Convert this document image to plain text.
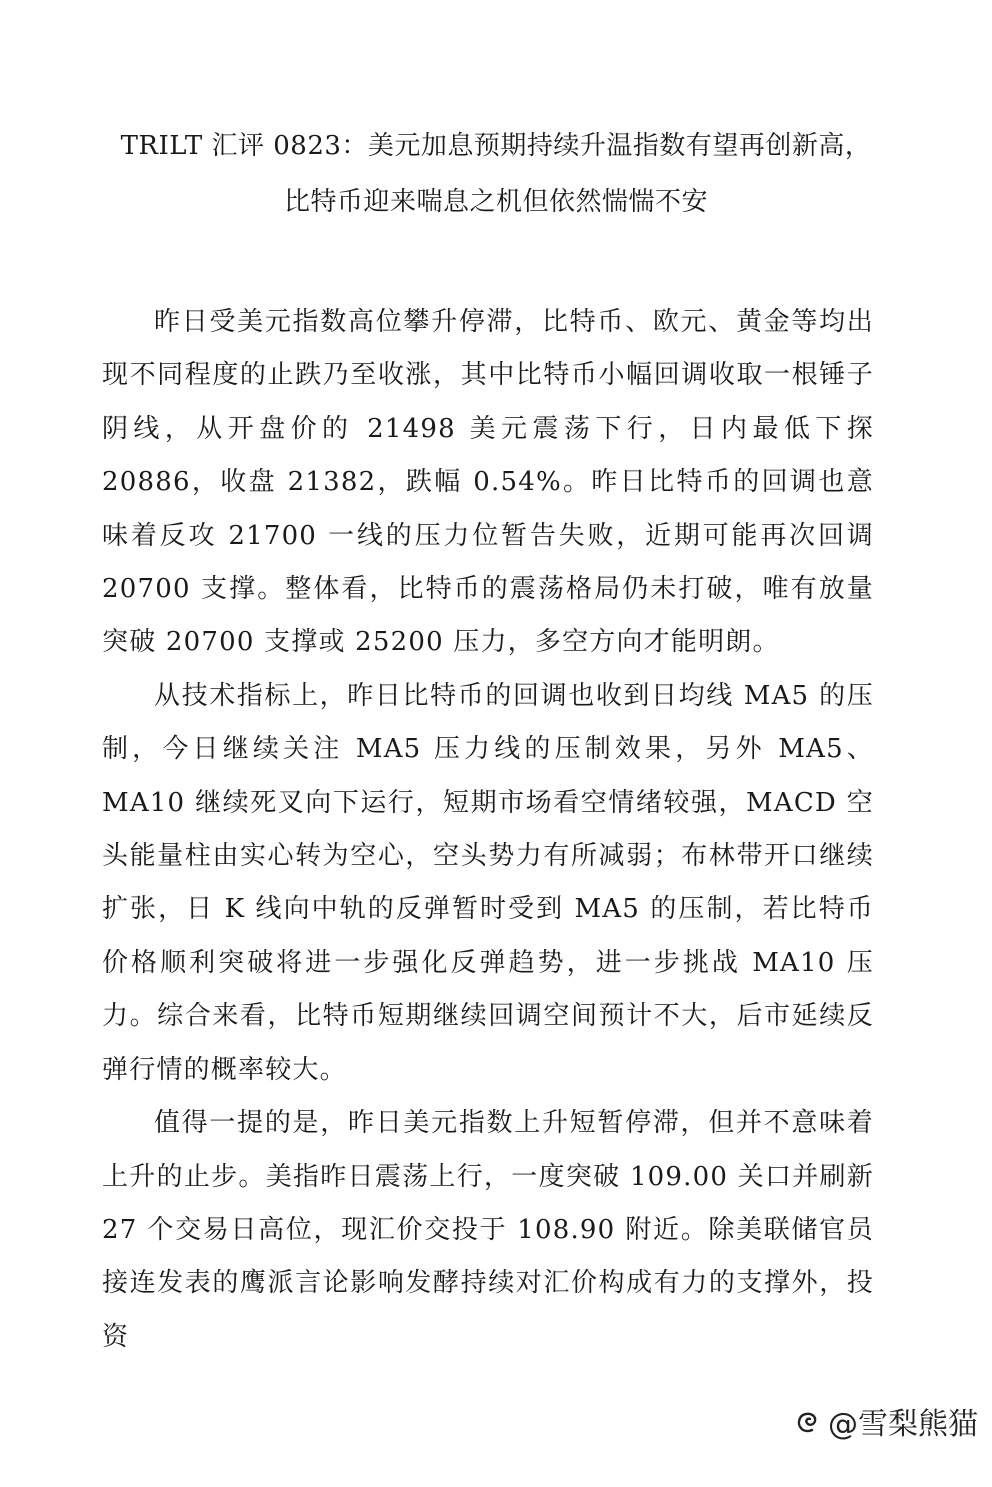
TRILT 汇评 0823：美元加息预期持续升温指数有望再创新高，
比特币迎来喘息之机但依然惴惴不安

昨日受美元指数高位攀升停滞，比特币、欧元、黄金等均出现不同程度的止跌乃至收涨，其中比特币小幅回调收取一根锤子阴线，从开盘价的 21498 美元震荡下行，日内最低下探 20886，收盘 21382，跌幅 0.54%。昨日比特币的回调也意味着反攻 21700 一线的压力位暂告失败，近期可能再次回调 20700 支撑。整体看，比特币的震荡格局仍未打破，唯有放量突破 20700 支撑或 25200 压力，多空方向才能明朗。

从技术指标上，昨日比特币的回调也收到日均线 MA5 的压制，今日继续关注 MA5 压力线的压制效果，另外 MA5、MA10 继续死叉向下运行，短期市场看空情绪较强，MACD 空头能量柱由实心转为空心，空头势力有所减弱；布林带开口继续扩张，日 K 线向中轨的反弹暂时受到 MA5 的压制，若比特币价格顺利突破将进一步强化反弹趋势，进一步挑战 MA10 压力。综合来看，比特币短期继续回调空间预计不大，后市延续反弹行情的概率较大。

值得一提的是，昨日美元指数上升短暂停滞，但并不意味着上升的止步。美指昨日震荡上行，一度突破 109.00 关口并刷新 27 个交易日高位，现汇价交投于 108.90 附近。除美联储官员接连发表的鹰派言论影响发酵持续对汇价构成有力的支撑外，投资

@雪梨熊猫
